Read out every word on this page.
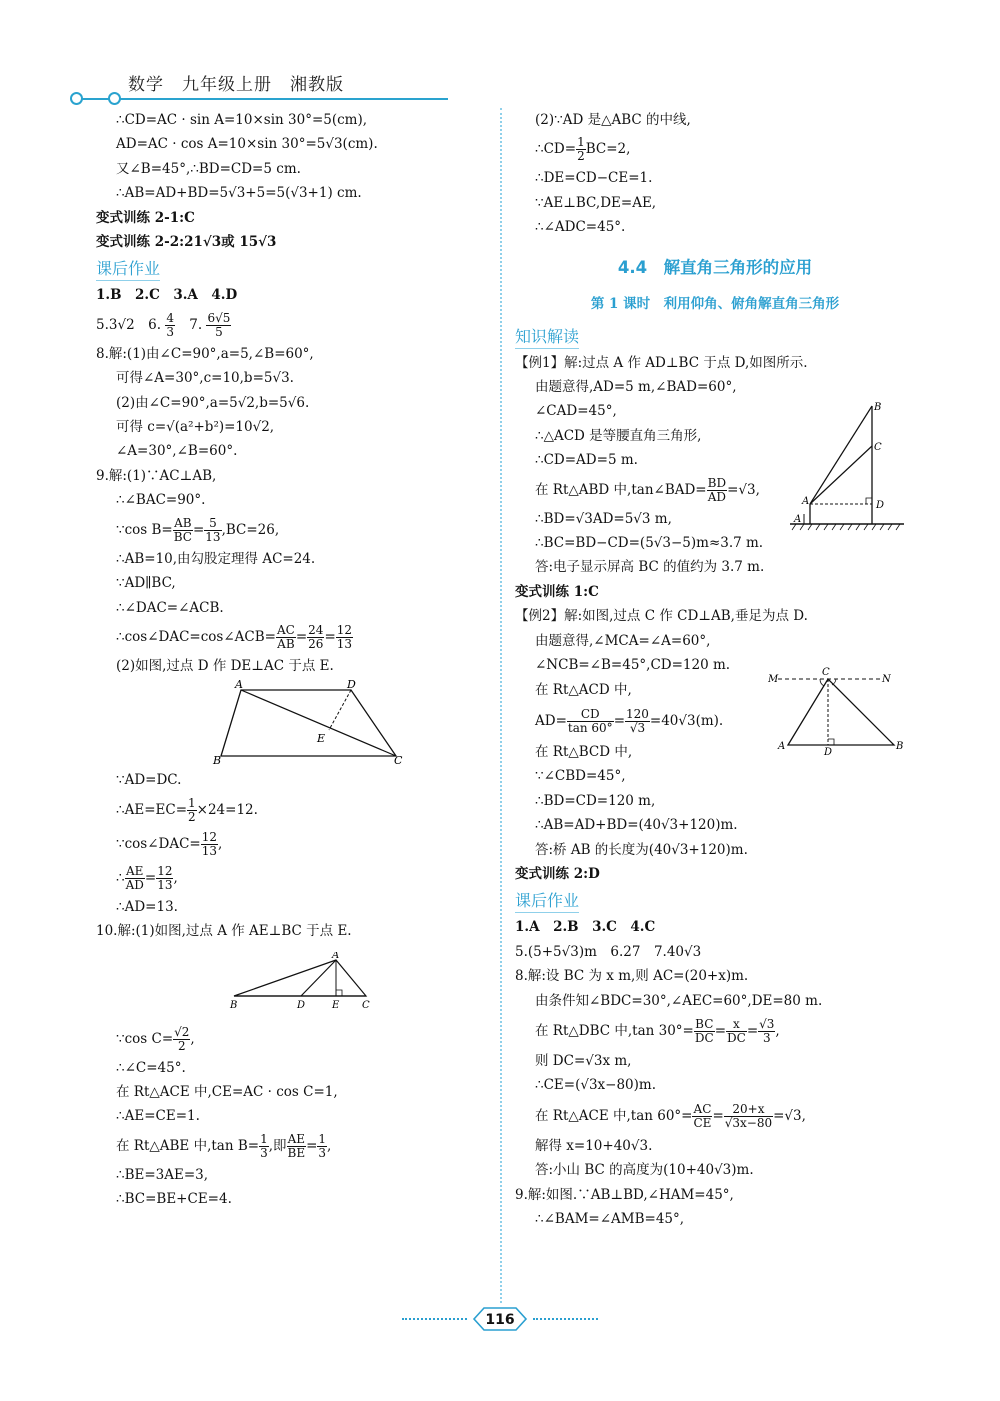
数学　九年级上册　湘教版
∴CD=AC · sin A=10×sin 30°=5(cm),
AD=AC · cos A=10×sin 30°=5√3(cm).
又∠B=45°,∴BD=CD=5 cm.
∴AB=AD+BD=5√3+5=5(√3+1) cm.
变式训练 2-1:C
变式训练 2-2:21√3或 15√3
课后作业
1.B　2.C　3.A　4.D
5.3√2　6. $\frac{4}{3} 7$. $\frac{6√5}{5}$
8.解:(1)由∠C=90°,a=5,∠B=60°,
可得∠A=30°,c=10,b=5√3.
(2)由∠C=90°,a=5√2,b=5√6.
可得 c=√(a²+b²)=10√2,
∠A=30°,∠B=60°.
9.解:(1)∵AC⊥AB,
∴∠BAC=90°.
∵cos $B= \frac{AB}{BC} = \frac{5}{13} ,BC=26$,
∴AB=10,由勾股定理得 AC=24.
∵AD∥BC,
∴∠DAC=∠ACB.
∴cos∠DAC=cos∠ACB= $\frac{AC}{AB} = \frac{24}{26} = \frac{12}{13}$
(2)如图,过点 D 作 DE⊥AC 于点 E.
A	D
E
B	C
∵AD=DC.
∴AE=EC= $\frac{1}{2} \times 24=12$.
∵cos∠DAC= $\frac{12}{13}$ ,
∴ $\frac{AE}{AD} = \frac{12}{13}$ ,
∴AD=13.
10.解:(1)如图,过点 A 作 AE⊥BC 于点 E.
A
B	D	E C
∵cos $C= \frac{√2}{2}$ ,
∴∠C=45°.
在 Rt△ACE 中,CE=AC · cos C=1,
∴AE=CE=1.
在 Rt△ABE 中,tan $B= \frac{1}{3}$ ,即 $\frac{AE}{BE} = \frac{1}{3}$ ,
∴BE=3AE=3,
∴BC=BE+CE=4.
(2)∵AD 是△ABC 的中线,
∴CD= $\frac{1}{2} BC=2$,
∴DE=CD−CE=1.
∵AE⊥BC,DE=AE,
∴∠ADC=45°.
4.4　解直角三角形的应用
第 1 课时　利用仰角、俯角解直角三角形
知识解读
【例1】解:过点 A 作 AD⊥BC 于点 D,如图所示.
由题意得,AD=5 m,∠BAD=60°,
∠CAD=45°,
∴△ACD 是等腰直角三角形,
∴CD=AD=5 m.
在 Rt△ABD 中,tan∠BAD= $\frac{BD}{AD} =√3$,
∴BD=√3AD=5√3 m,
∴BC=BD−CD=(5√3−5)m≈3.7 m.
答:电子显示屏高 BC 的值约为 3.7 m.
变式训练 1:C
【例2】解:如图,过点 C 作 CD⊥AB,垂足为点 D.
由题意得,∠MCA=∠A=60°,
∠NCB=∠B=45°,CD=120 m.
在 Rt△ACD 中,
$AD= \frac{CD}{\tan 60^\circ} = \frac{120}{√3} =40√3(m)$.
在 Rt△BCD 中,
∵∠CBD=45°,
∴BD=CD=120 m,
∴AB=AD+BD=(40√3+120)m.
答:桥 AB 的长度为(40√3+120)m.
变式训练 2:D
课后作业
1.A　2.B　3.C　4.C
5.(5+5√3)m　6.27　7.40√3
8.解:设 BC 为 x m,则 AC=(20+x)m.
由条件知∠BDC=30°,∠AEC=60°,DE=80 m.
在 Rt△DBC 中,tan $30^\circ= \frac{BC}{DC} = \frac{x}{DC} = \frac{√3}{3}$ ,
则 DC=√3x m,
∴CE=(√3x−80)m.
在 Rt△ACE 中,tan $60^\circ= \frac{AC}{CE} = \frac{20+x}{√3x-80} =√3$,
解得 x=10+40√3.
答:小山 BC 的高度为(10+40√3)m.
9.解:如图.∵AB⊥BD,∠HAM=45°,
∴∠BAM=∠AMB=45°,
B
C
A	D
A
C
M	N
A
D
B
116
